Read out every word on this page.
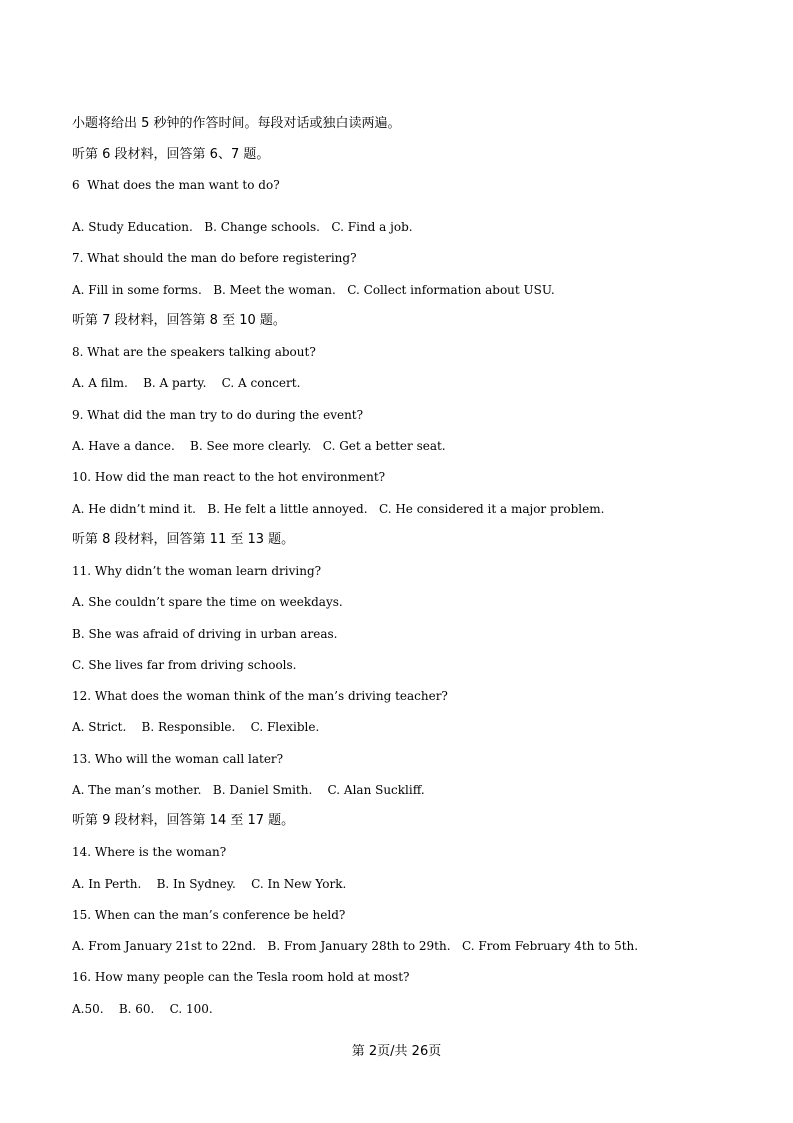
小题将给出 5 秒钟的作答时间。每段对话或独白读两遍。

听第 6 段材料，回答第 6、7 题。

6  What does the man want to do?

A. Study Education.   B. Change schools.   C. Find a job.

7. What should the man do before registering?

A. Fill in some forms.   B. Meet the woman.   C. Collect information about USU.

听第 7 段材料，回答第 8 至 10 题。

8. What are the speakers talking about?

A. A film.    B. A party.    C. A concert.

9. What did the man try to do during the event?

A. Have a dance.    B. See more clearly.   C. Get a better seat.

10. How did the man react to the hot environment?

A. He didn’t mind it.   B. He felt a little annoyed.   C. He considered it a major problem.

听第 8 段材料，回答第 11 至 13 题。

11. Why didn’t the woman learn driving?

A. She couldn’t spare the time on weekdays.

B. She was afraid of driving in urban areas.

C. She lives far from driving schools.

12. What does the woman think of the man’s driving teacher?

A. Strict.    B. Responsible.    C. Flexible.

13. Who will the woman call later?

A. The man’s mother.   B. Daniel Smith.    C. Alan Suckliff.

听第 9 段材料，回答第 14 至 17 题。

14. Where is the woman?

A. In Perth.    B. In Sydney.    C. In New York.

15. When can the man’s conference be held?

A. From January 21st to 22nd.   B. From January 28th to 29th.   C. From February 4th to 5th.

16. How many people can the Tesla room hold at most?

A.50.    B. 60.    C. 100.

第 2页/共 26页
